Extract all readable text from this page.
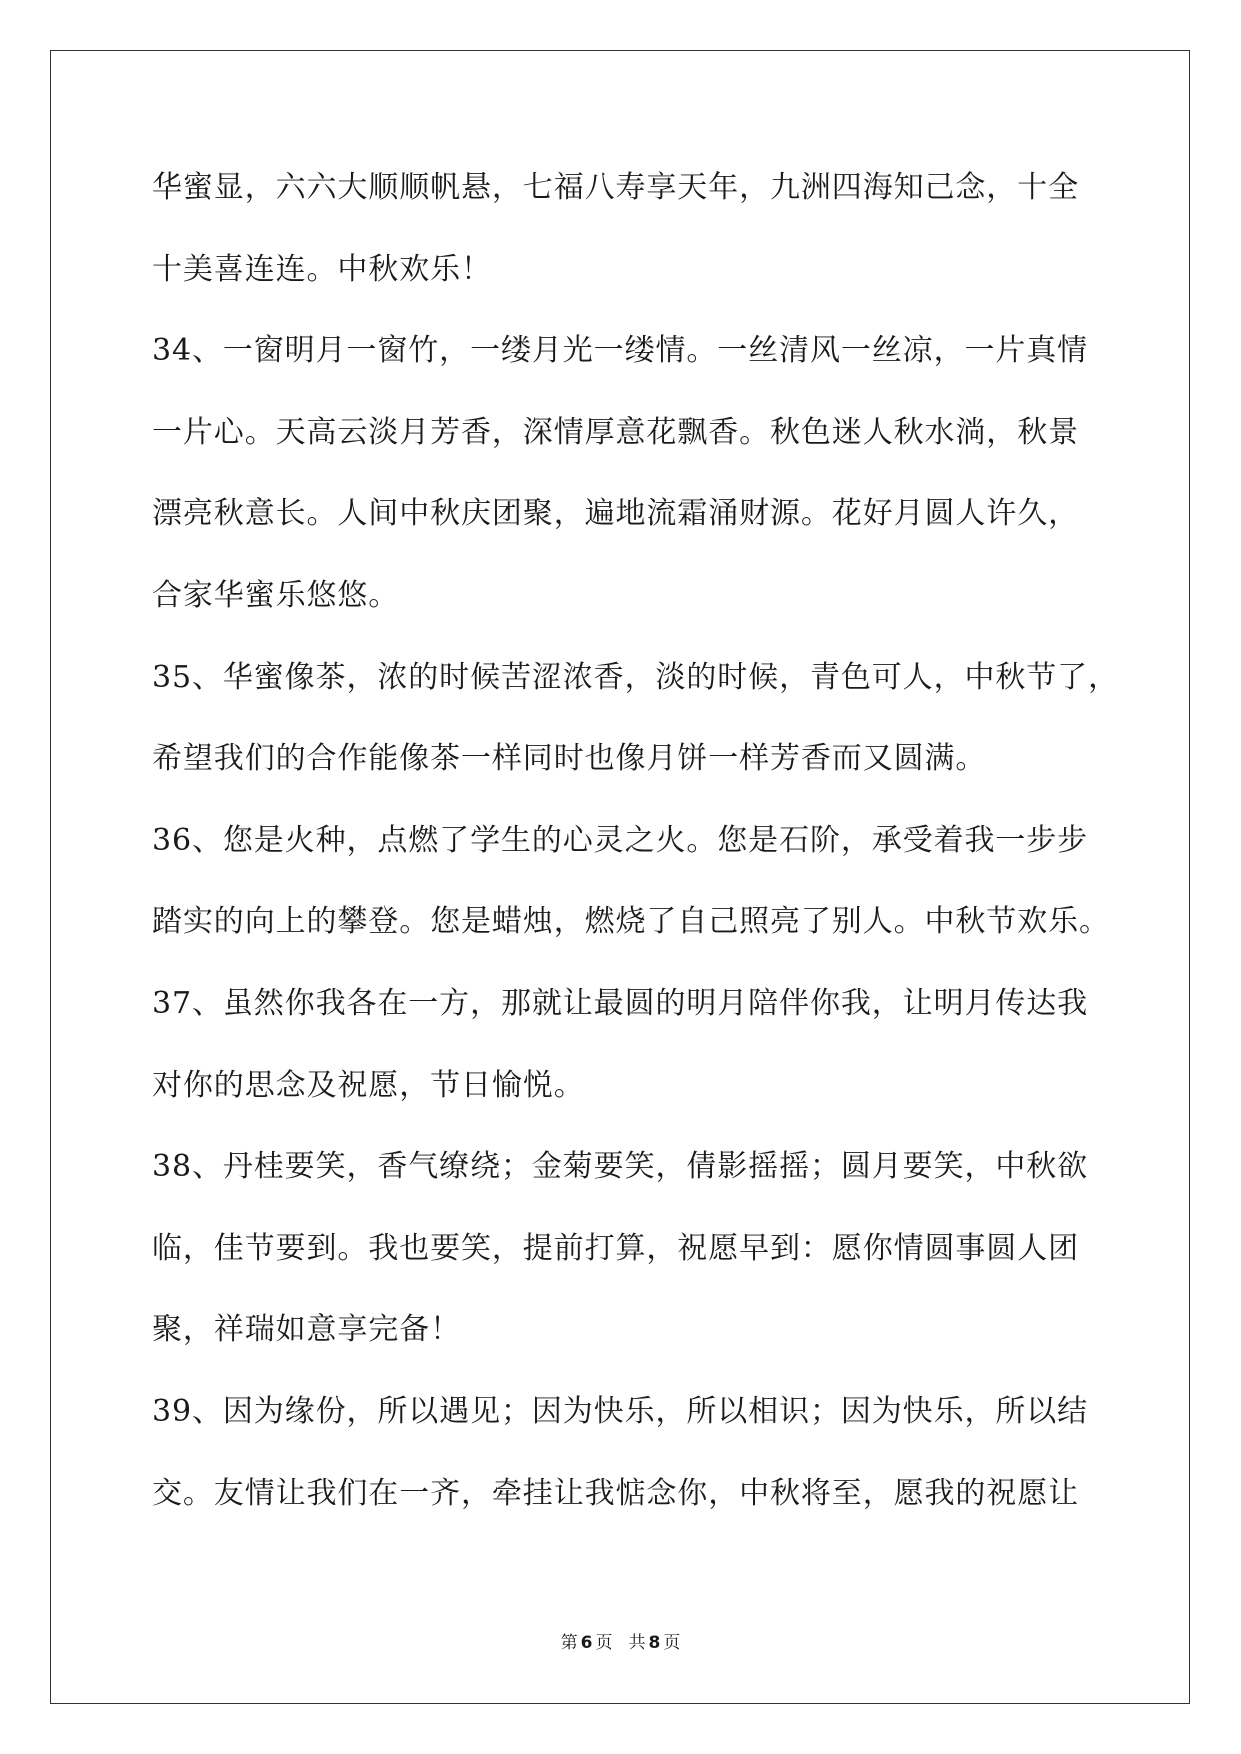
华蜜显，六六大顺顺帆悬，七福八寿享天年，九洲四海知己念，十全
十美喜连连。中秋欢乐！
34、一窗明月一窗竹，一缕月光一缕情。一丝清风一丝凉，一片真情
一片心。天高云淡月芳香，深情厚意花飘香。秋色迷人秋水淌，秋景
漂亮秋意长。人间中秋庆团聚，遍地流霜涌财源。花好月圆人许久，
合家华蜜乐悠悠。
35、华蜜像茶，浓的时候苦涩浓香，淡的时候，青色可人，中秋节了，
希望我们的合作能像茶一样同时也像月饼一样芳香而又圆满。
36、您是火种，点燃了学生的心灵之火。您是石阶，承受着我一步步
踏实的向上的攀登。您是蜡烛，燃烧了自己照亮了别人。中秋节欢乐。
37、虽然你我各在一方，那就让最圆的明月陪伴你我，让明月传达我
对你的思念及祝愿，节日愉悦。
38、丹桂要笑，香气缭绕；金菊要笑，倩影摇摇；圆月要笑，中秋欲
临，佳节要到。我也要笑，提前打算，祝愿早到：愿你情圆事圆人团
聚，祥瑞如意享完备！
39、因为缘份，所以遇见；因为快乐，所以相识；因为快乐，所以结
交。友情让我们在一齐，牵挂让我惦念你，中秋将至，愿我的祝愿让
第 6 页 共 8 页
